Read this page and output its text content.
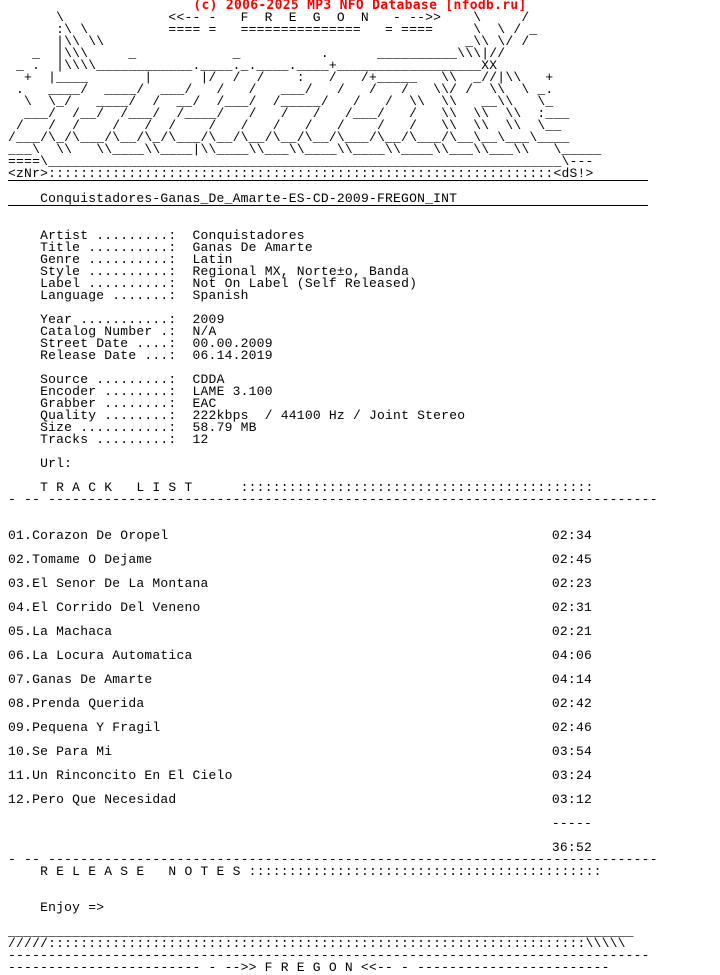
(c) 2006-2025 MP3 NFO Database [nfodb.ru]
\             <<-- -   F  R  E  G  O  N   - -->>    \     /
:\ \          ==== =   ===============   = ====     \  \ / _
|\\ \\                                             _\\ \/ /
_  |\\\     _            _          .      __________\\\|//
_ .  |\\\\____________.____._.____.____+__________________XX
+  |____       |      |/  /  /    :   /   /+_____   \\  _//|\\   +
.   ____/  ____/  ___/   /   /   ___/   /   /   /   \\/ /  \\  \ _.
\  \_/   ____/  /  __/  /___/  /_____/   /   /  \\  \\   __\\   \_
___/  /__/  /___/  /____/   /   /   /   /___/   /   \\  \\  \\  :___
/   /  /    /   /  /    /   /   /   /   /    /   /   \\  \\  \\  \__
/___/\_/\___/\__/\_/\___/\__/\__/\__/\__/\___/\__/\___/\__\__\___\____
___\  \\   \\____\\____|\\____\\___\\____\\____\\____\\___\\___\\   \_____
====\________________________________________________________________\---
<zNr>:::::::::::::::::::::::::::::::::::::::::::::::::::::::::::::::<dS!>

Conquistadores-Ganas_De_Amarte-ES-CD-2009-FREGON_INT

Artist .........: Conquistadores
Title ..........: Ganas De Amarte
Genre ..........: Latin
Style ..........: Regional MX, Norte±o, Banda
Label ..........: Not On Label (Self Released)
Language .......: Spanish

Year ...........: 2009
Catalog Number .: N/A
Street Date ....: 00.00.2009
Release Date ...: 06.14.2019

Source .........: CDDA
Encoder ........: LAME 3.100
Grabber ........: EAC
Quality ........: 222kbps  / 44100 Hz / Joint Stereo
Size ...........: 58.79 MB
Tracks .........: 12

Url:

T R A C K   L I S T	::::::::::::::::::::::::::::::::::::::::::::
- -- ----------------------------------------------------------------------------

01.Corazon De Oropel	02:34

02.Tomame O Dejame	02:45

03.El Senor De La Montana	02:23

04.El Corrido Del Veneno	02:31

05.La Machaca	02:21

06.La Locura Automatica	04:06

07.Ganas De Amarte	04:14

08.Prenda Querida	02:42

09.Pequena Y Fragil	02:46

10.Se Para Mi	03:54

11.Un Rinconcito En El Cielo	03:24

12.Pero Que Necesidad	03:12

-----

36:52
- -- ----------------------------------------------------------------------------
R E L E A S E   N O T E S ::::::::::::::::::::::::::::::::::::::::::::

Enjoy =>

______________________________________________________________________________
/////:::::::::::::::::::::::::::::::::::::::::::::::::::::::::::::::::::\\\\\
--------------------------------------------------------------------------------
------------------------ - -->> F R E G O N <<-- - ------------------------
